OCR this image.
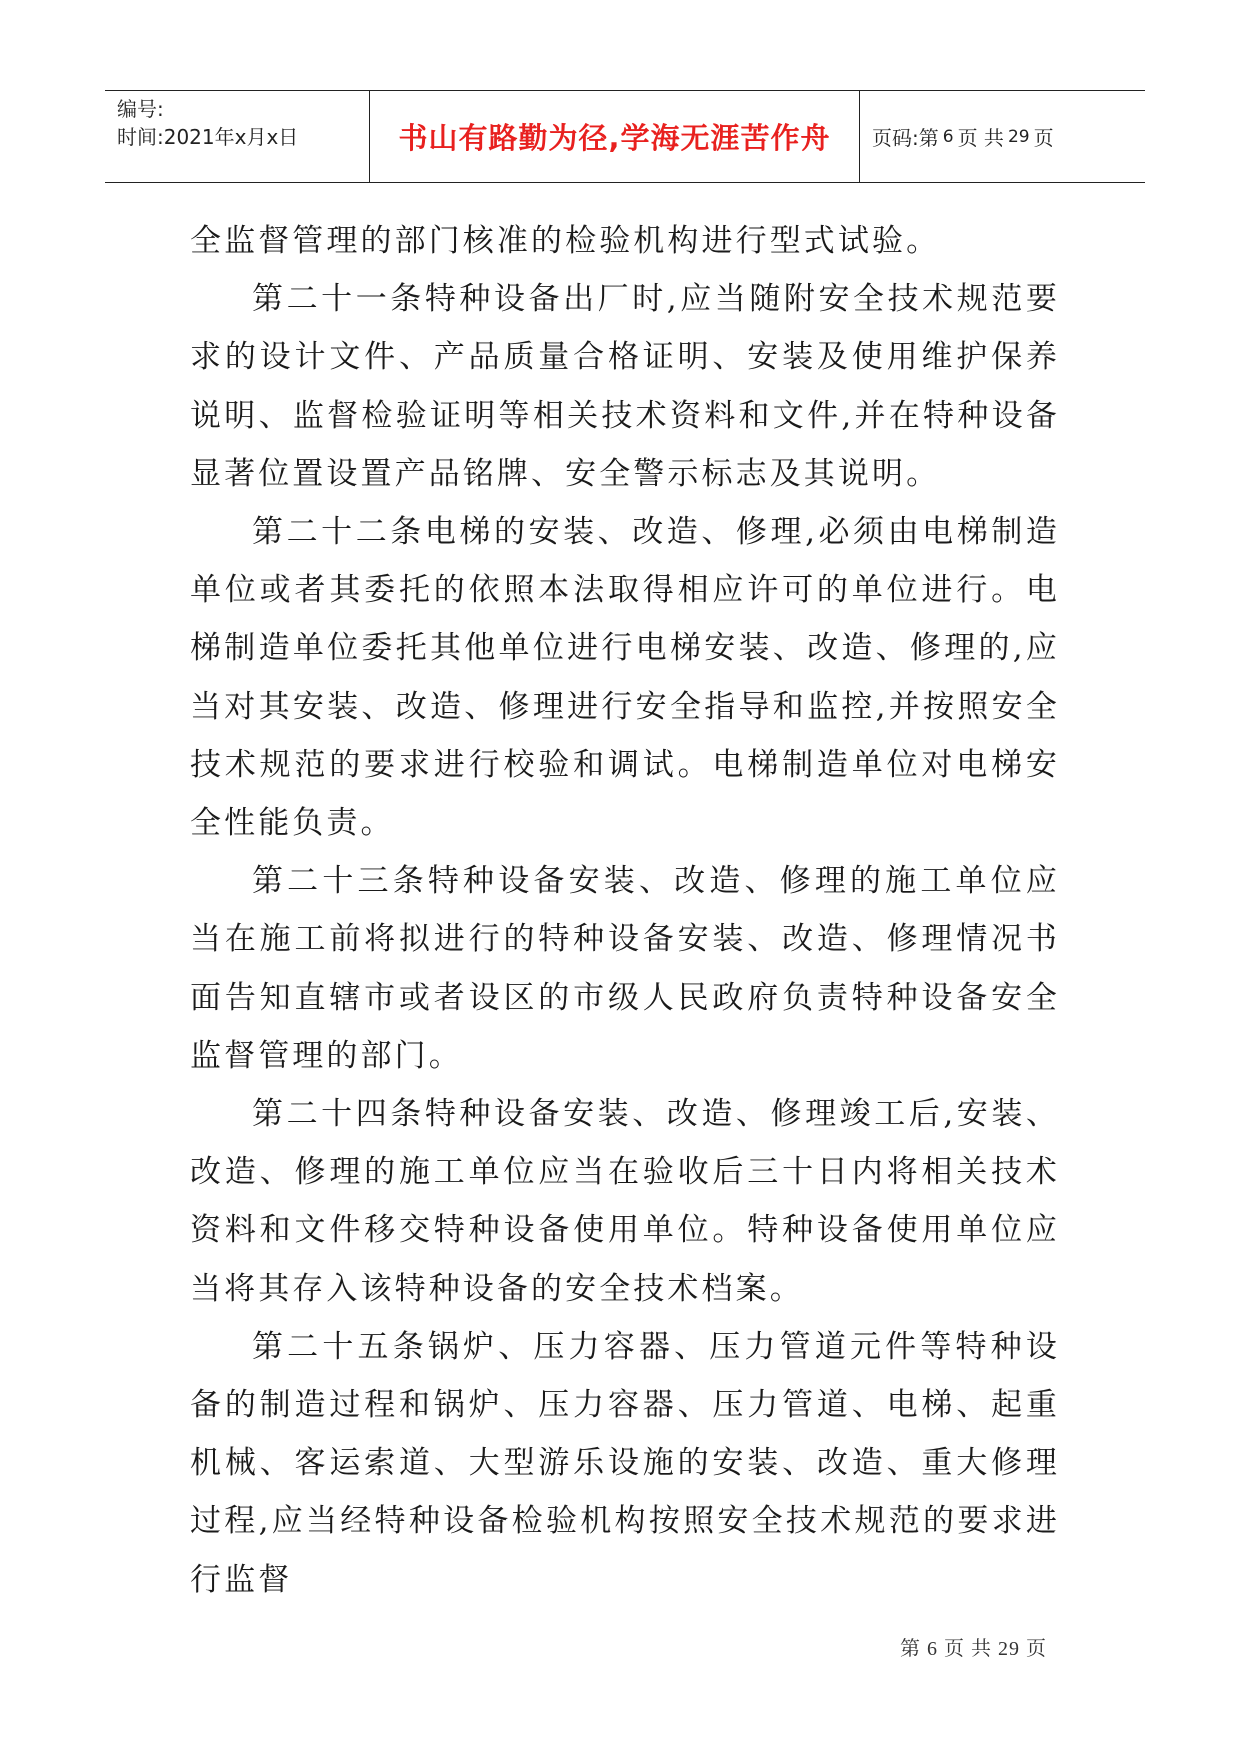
编号:
时间:2021年x月x日	书山有路勤为径,学海无涯苦作舟	页码:第 6 页 共 29 页

全监督管理的部门核准的检验机构进行型式试验。

第二十一条特种设备出厂时,应当随附安全技术规范要求的设计文件、产品质量合格证明、安装及使用维护保养说明、监督检验证明等相关技术资料和文件,并在特种设备显著位置设置产品铭牌、安全警示标志及其说明。

第二十二条电梯的安装、改造、修理,必须由电梯制造单位或者其委托的依照本法取得相应许可的单位进行。电梯制造单位委托其他单位进行电梯安装、改造、修理的,应当对其安装、改造、修理进行安全指导和监控,并按照安全技术规范的要求进行校验和调试。电梯制造单位对电梯安全性能负责。

第二十三条特种设备安装、改造、修理的施工单位应当在施工前将拟进行的特种设备安装、改造、修理情况书面告知直辖市或者设区的市级人民政府负责特种设备安全监督管理的部门。

第二十四条特种设备安装、改造、修理竣工后,安装、改造、修理的施工单位应当在验收后三十日内将相关技术资料和文件移交特种设备使用单位。特种设备使用单位应当将其存入该特种设备的安全技术档案。

第二十五条锅炉、压力容器、压力管道元件等特种设备的制造过程和锅炉、压力容器、压力管道、电梯、起重机械、客运索道、大型游乐设施的安装、改造、重大修理过程,应当经特种设备检验机构按照安全技术规范的要求进行监督

第 6 页 共 29 页
